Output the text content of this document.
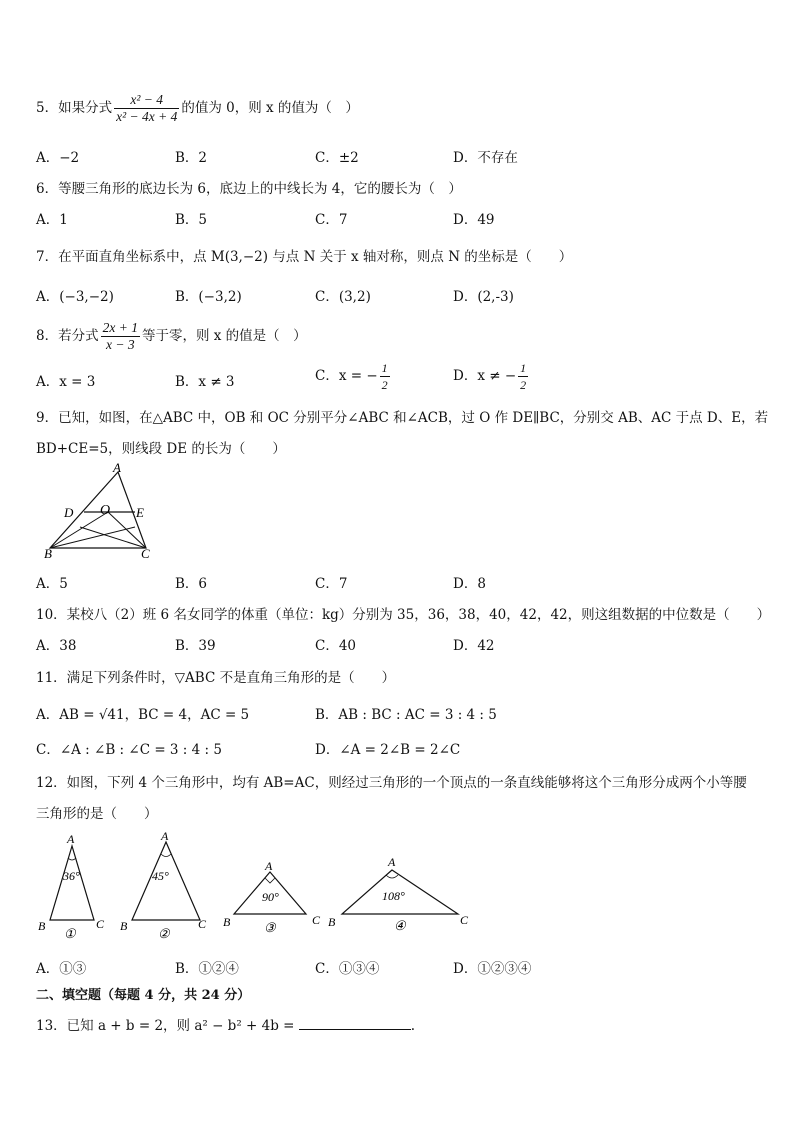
5．如果分式 $\frac{\text{x² − 4}}{\text{x² − 4x + 4}}$ 的值为 0，则 x 的值为（　）
A．−2	B．2	C．±2	D．不存在
6．等腰三角形的底边长为 6，底边上的中线长为 4，它的腰长为（　）
A．1	B．5	C．7	D．49
7．在平面直角坐标系中，点 M(3,−2) 与点 N 关于 x 轴对称，则点 N 的坐标是（　　）
A．(−3,−2)	B．(−3,2)	C．(3,2)	D．(2,-3)
8．若分式 $\frac{2x + 1}{x - 3}$ 等于零，则 x 的值是（　）
A．x = 3	B．x ≠ 3	C．x = − $\frac{1}{2}$	D．x ≠ − $\frac{1}{2}$
9．已知，如图，在△ABC 中，OB 和 OC 分别平分∠ABC 和∠ACB，过 O 作 DE∥BC，分别交 AB、AC 于点 D、E，若
BD+CE=5，则线段 DE 的长为（　　）
A
D O E
B	C
A．5	B．6	C．7	D．8
10．某校八（2）班 6 名女同学的体重（单位：kg）分别为 35，36，38，40，42，42，则这组数据的中位数是（　　）
A．38	B．39	C．40	D．42
11．满足下列条件时，▽ABC 不是直角三角形的是（　　）
A．AB = √41，BC = 4，AC = 5	B．AB : BC : AC = 3 : 4 : 5
C．∠A : ∠B : ∠C = 3 : 4 : 5	D．∠A = 2∠B = 2∠C
12．如图，下列 4 个三角形中，均有 AB=AC，则经过三角形的一个顶点的一条直线能够将这个三角形分成两个小等腰
三角形的是（　　）
A
36°
B	C
①
A
45°
B	C
②
A
90°
B	C
③
A
108°
B	C
④
A．①③	B．①②④	C．①③④	D．①②③④
二、填空题（每题 4 分，共 24 分）
13．已知 a + b = 2，则 a² − b² + 4b =	.
